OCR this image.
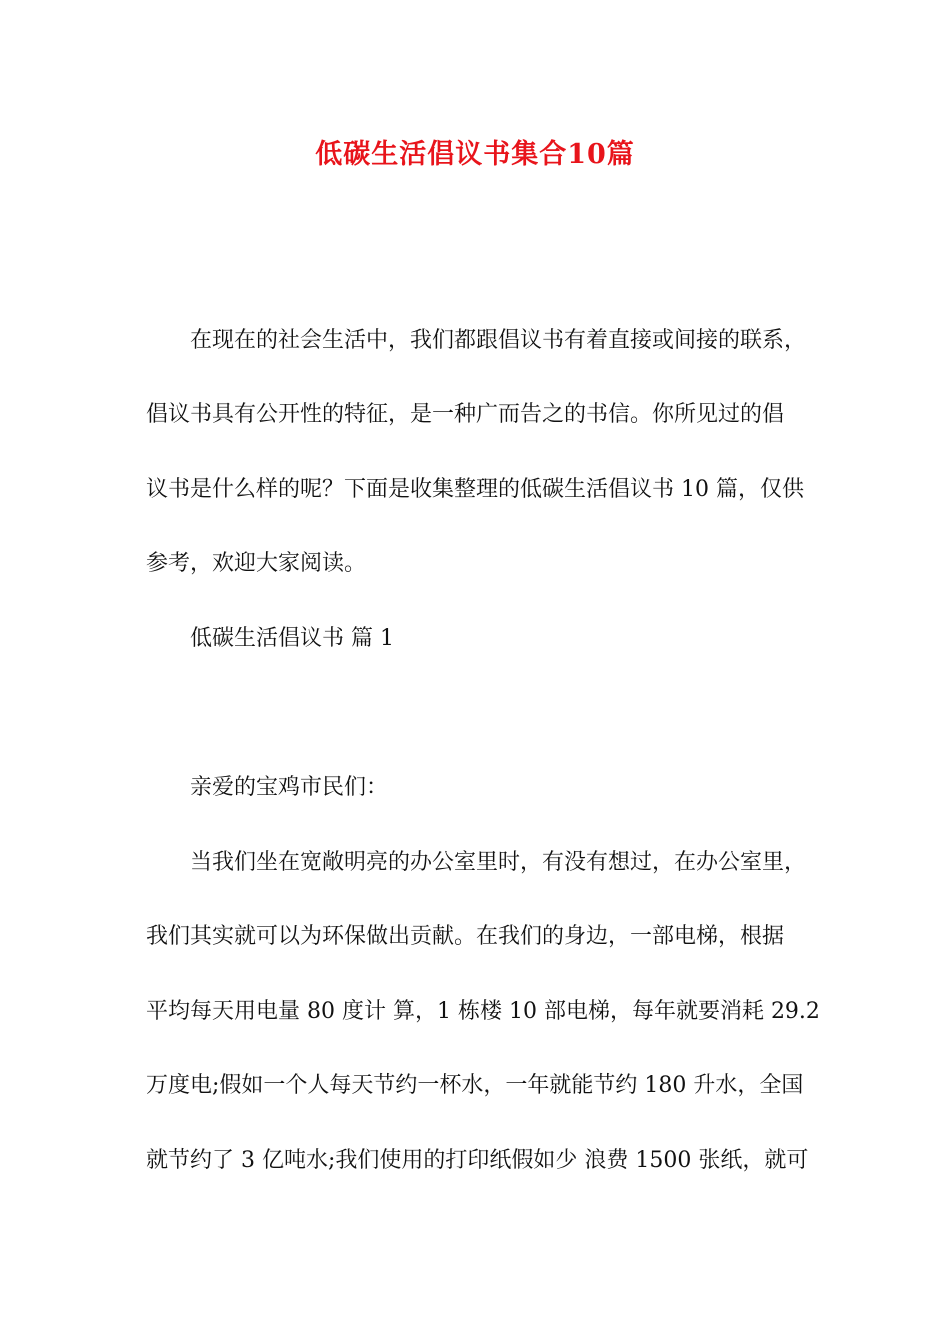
低碳生活倡议书集合10篇
在现在的社会生活中，我们都跟倡议书有着直接或间接的联系，
倡议书具有公开性的特征，是一种广而告之的书信。你所见过的倡
议书是什么样的呢？下面是收集整理的低碳生活倡议书 10 篇，仅供
参考，欢迎大家阅读。
低碳生活倡议书 篇 1
亲爱的宝鸡市民们：
当我们坐在宽敞明亮的办公室里时，有没有想过，在办公室里，
我们其实就可以为环保做出贡献。在我们的身边，一部电梯，根据
平均每天用电量 80 度计 算，1 栋楼 10 部电梯，每年就要消耗 29.2
万度电;假如一个人每天节约一杯水，一年就能节约 180 升水，全国
就节约了 3 亿吨水;我们使用的打印纸假如少 浪费 1500 张纸，就可
